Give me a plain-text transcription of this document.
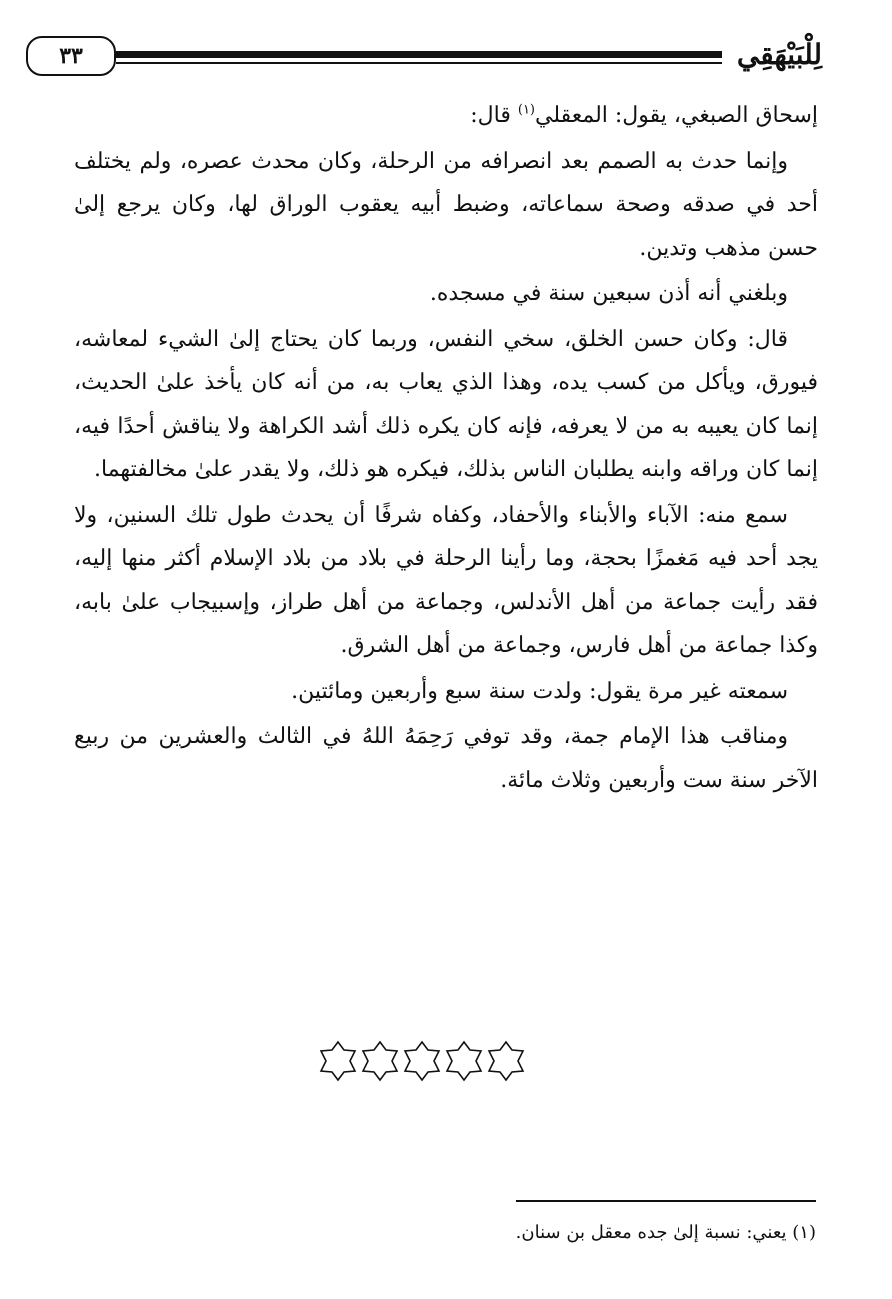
٣٣	لِلْبَيْهَقِي

إسحاق الصبغي، يقول: المعقلي$^{(١)}$ قال:

وإنما حدث به الصمم بعد انصرافه من الرحلة، وكان محدث عصره، ولم يختلف أحد في صدقه وصحة سماعاته، وضبط أبيه يعقوب الوراق لها، وكان يرجع إلىٰ حسن مذهب وتدين.

وبلغني أنه أذن سبعين سنة في مسجده.

قال: وكان حسن الخلق، سخي النفس، وربما كان يحتاج إلىٰ الشيء لمعاشه، فيورق، ويأكل من كسب يده، وهذا الذي يعاب به، من أنه كان يأخذ علىٰ الحديث، إنما كان يعيبه به من لا يعرفه، فإنه كان يكره ذلك أشد الكراهة ولا يناقش أحدًا فيه، إنما كان وراقه وابنه يطلبان الناس بذلك، فيكره هو ذلك، ولا يقدر علىٰ مخالفتهما.

سمع منه: الآباء والأبناء والأحفاد، وكفاه شرفًا أن يحدث طول تلك السنين، ولا يجد أحد فيه مَغمزًا بحجة، وما رأينا الرحلة في بلاد من بلاد الإسلام أكثر منها إليه، فقد رأيت جماعة من أهل الأندلس، وجماعة من أهل طراز، وإسبيجاب علىٰ بابه، وكذا جماعة من أهل فارس، وجماعة من أهل الشرق.

سمعته غير مرة يقول: ولدت سنة سبع وأربعين ومائتين.

ومناقب هذا الإمام جمة، وقد توفي رَحِمَهُ اللهُ في الثالث والعشرين من ربيع الآخر سنة ست وأربعين وثلاث مائة.

(١) يعني: نسبة إلىٰ جده معقل بن سنان.
